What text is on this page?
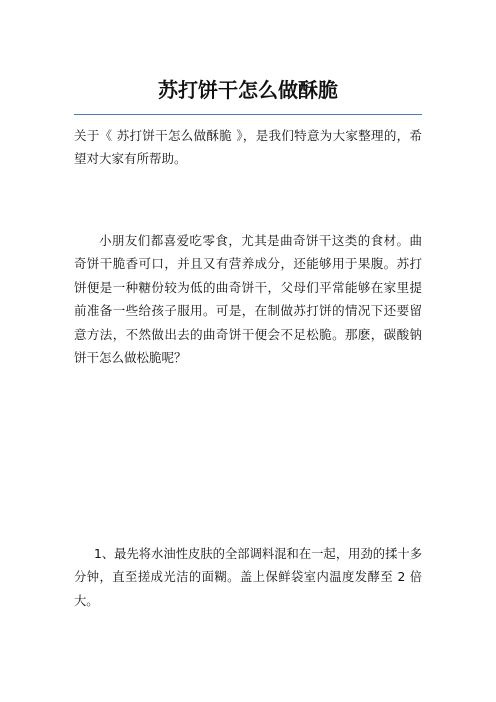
苏打饼干怎么做酥脆

关于《 苏打饼干怎么做酥脆 》，是我们特意为大家整理的，希望对大家有所帮助。

小朋友们都喜爱吃零食，尤其是曲奇饼干这类的食材。曲奇饼干脆香可口，并且又有营养成分，还能够用于果腹。苏打饼便是一种糖份较为低的曲奇饼干，父母们平常能够在家里提前准备一些给孩子服用。可是，在制做苏打饼的情况下还要留意方法，不然做出去的曲奇饼干便会不足松脆。那麽，碳酸钠饼干怎么做松脆呢？

1、最先将水油性皮肤的全部调料混和在一起，用劲的揉十多分钟，直至搓成光洁的面糊。盖上保鲜袋室内温度发酵至 2 倍大。
